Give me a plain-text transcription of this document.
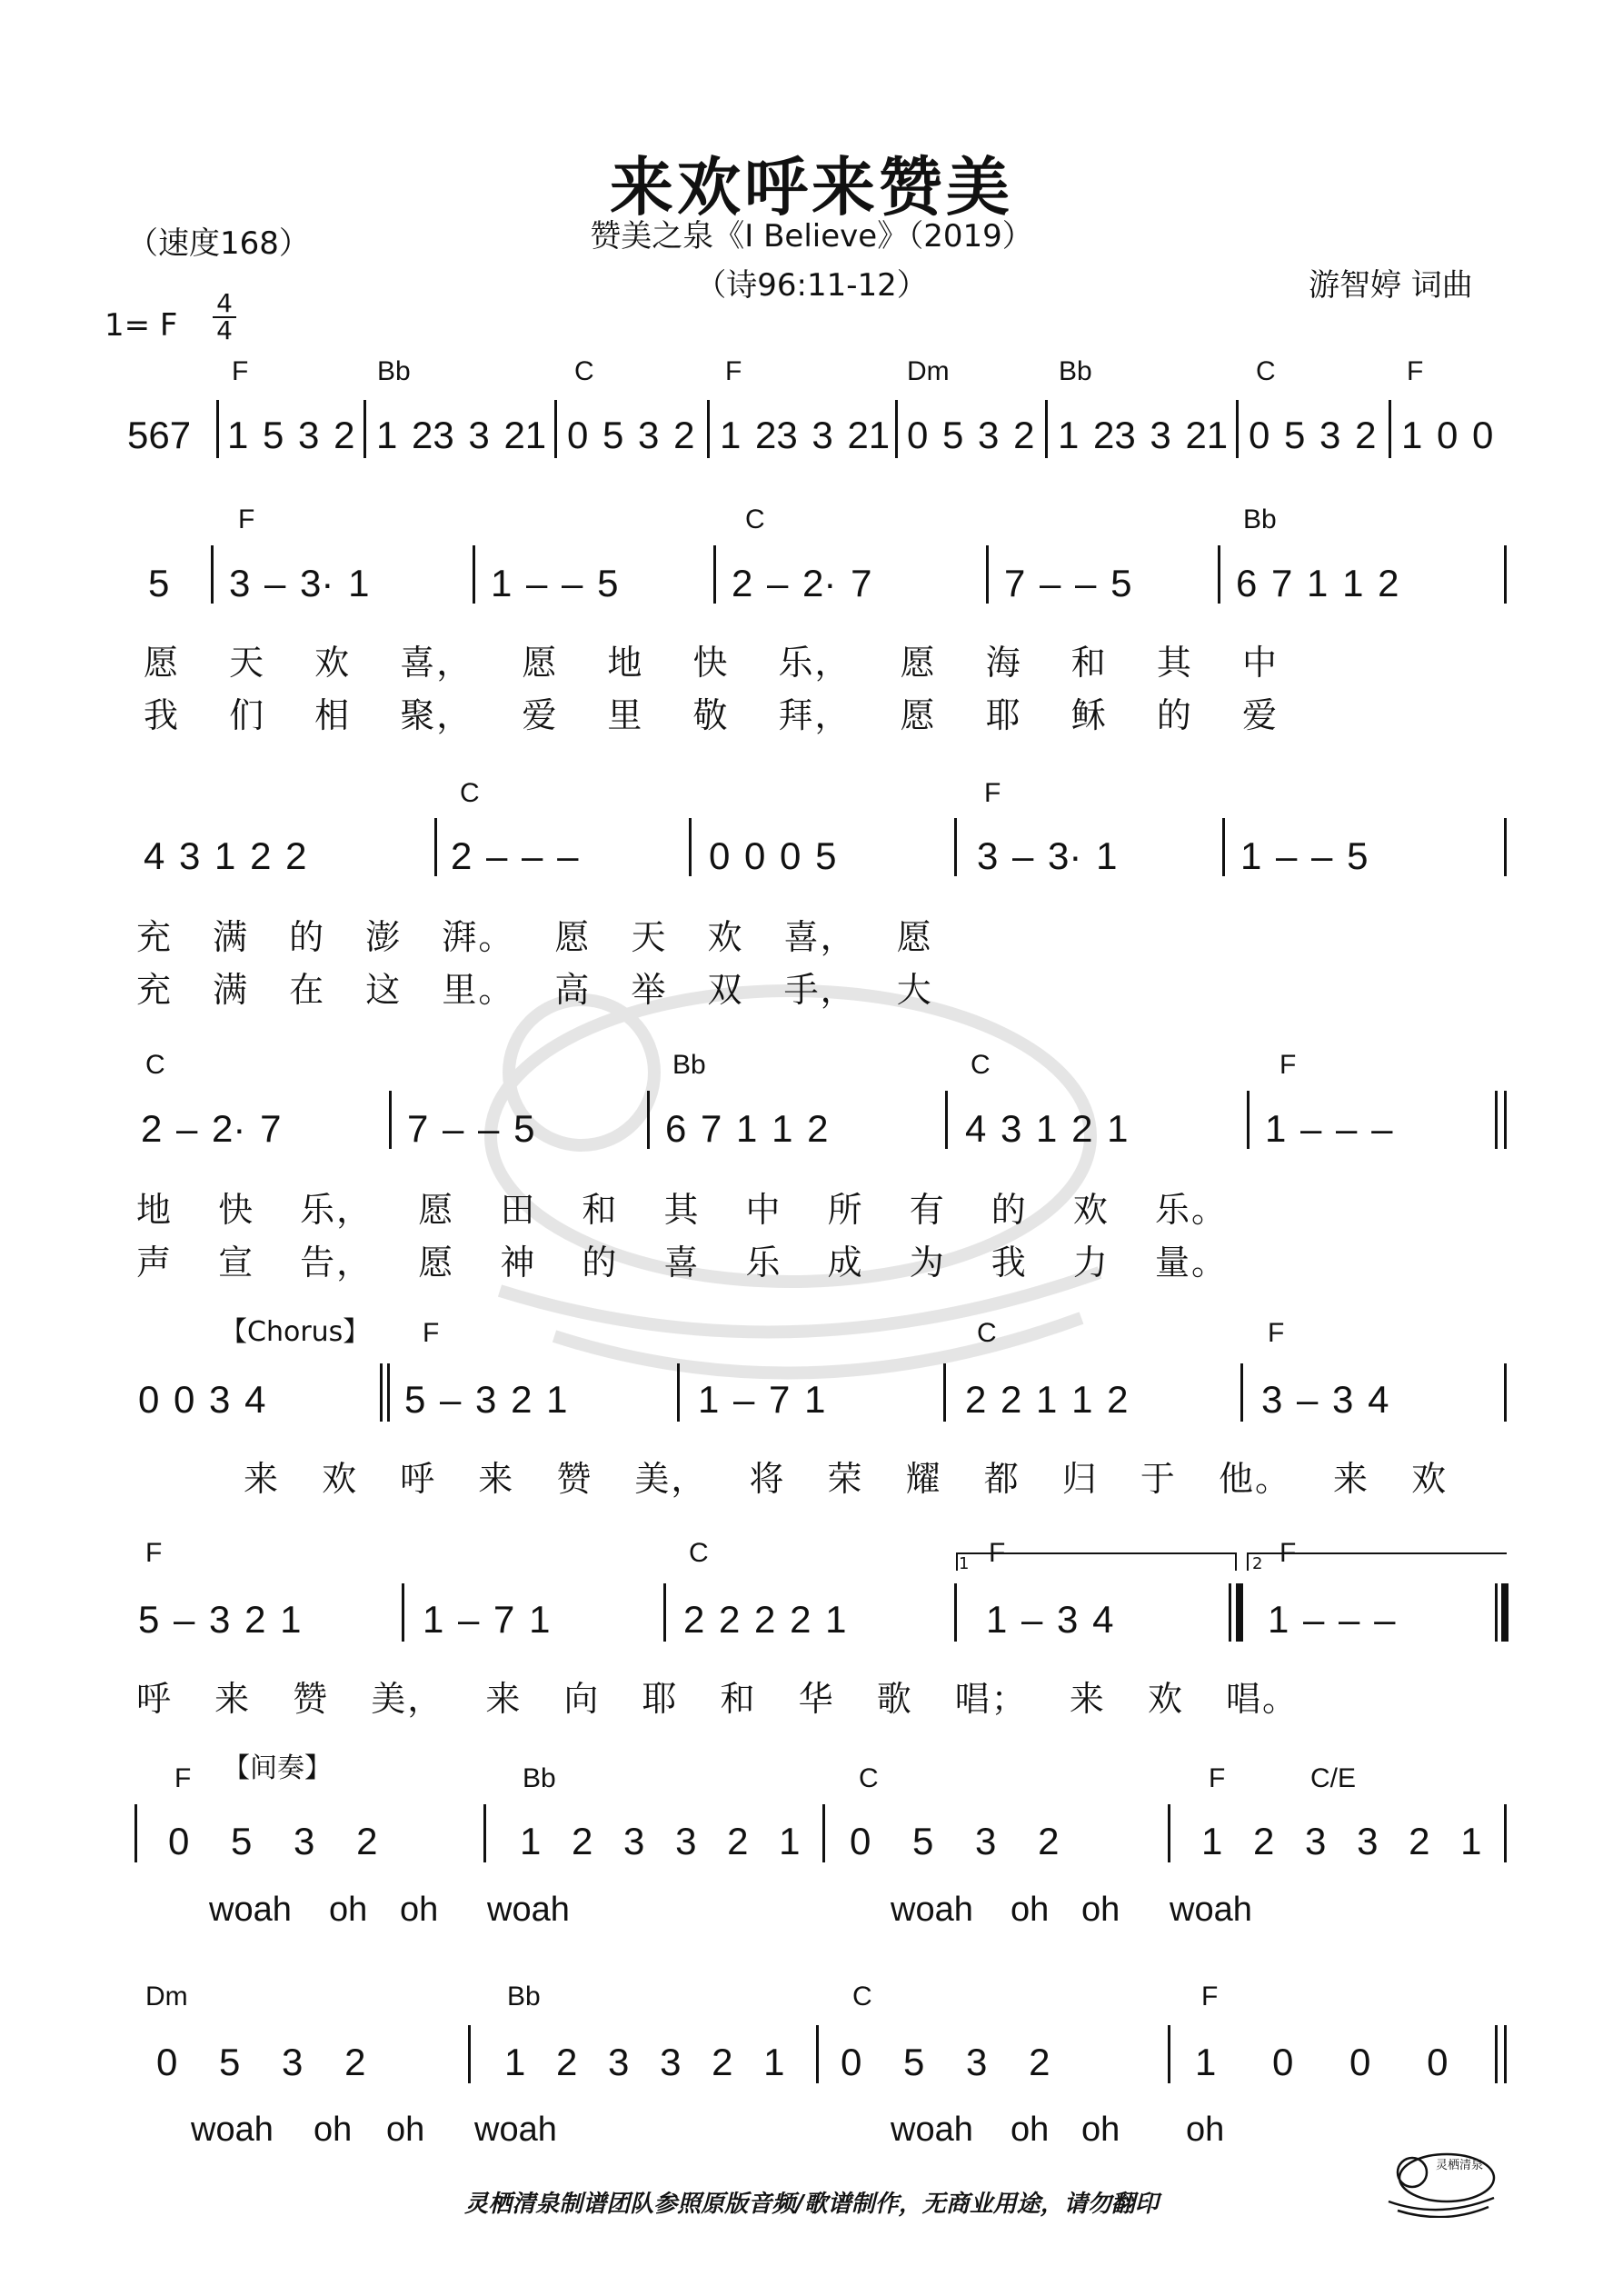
来欢呼来赞美
（速度168）	赞美之泉《I Believe》（2019）
（诗96:11-12）	游智婷 词曲
1= F
4
4
F	Bb	C	F	Dm	Bb	C	F
567 1 5 3 2 1 23 3 21 0 5 3 2 1 23 3 21 0 5 3 2 1 23 3 21 0 5 3 2 1 0 0
F	C	Bb
5 3 – 3· 1	1 – – 5	2 – 2· 7	7 – – 5	6 7 1 1 2
愿 天 欢 喜， 愿 地 快 乐， 愿 海 和 其 中
我 们 相 聚， 爱 里 敬 拜， 愿 耶 稣 的 爱
C	F
4 3 1 2 2	2 – – –	0 0 0 5	3 – 3· 1	1 – – 5
充 满 的 澎 湃。 愿 天 欢 喜， 愿
充 满 在 这 里。 高 举 双 手， 大
C	Bb	C	F
2 – 2· 7	7 – – 5	6 7 1 1 2	4 3 1 2 1	1 – – –
地 快 乐， 愿 田 和 其 中 所 有 的 欢 乐。
声 宣 告， 愿 神 的 喜 乐 成 为 我 力 量。
【Chorus】 F	C	F
0 0 3 4	5 – 3 2 1	1 – 7 1	2 2 1 1 2	3 – 3 4
来 欢 呼 来 赞 美， 将 荣 耀 都 归 于 他。 来 欢
F	C	1 F	2 F
5 – 3 2 1	1 – 7 1	2 2 2 2 1	1 – 3 4	1 – – –
呼 来 赞 美， 来 向 耶 和 华 歌 唱； 来 欢 唱。
F 【间奏】	Bb	C	F	C/E
0 5 3 2	1 2 3 3 2 1 0 5 3 2	1 2 3 3 2 1
woah oh oh woah	woah oh oh woah
Dm	Bb	C	F
0 5 3 2	1 2 3 3 2 1 0 5 3 2	1 0 0 0
woah oh oh woah	woah oh oh oh
灵栖清泉制谱团队参照原版音频/歌谱制作，无商业用途，请勿翻印
灵栖清泉
